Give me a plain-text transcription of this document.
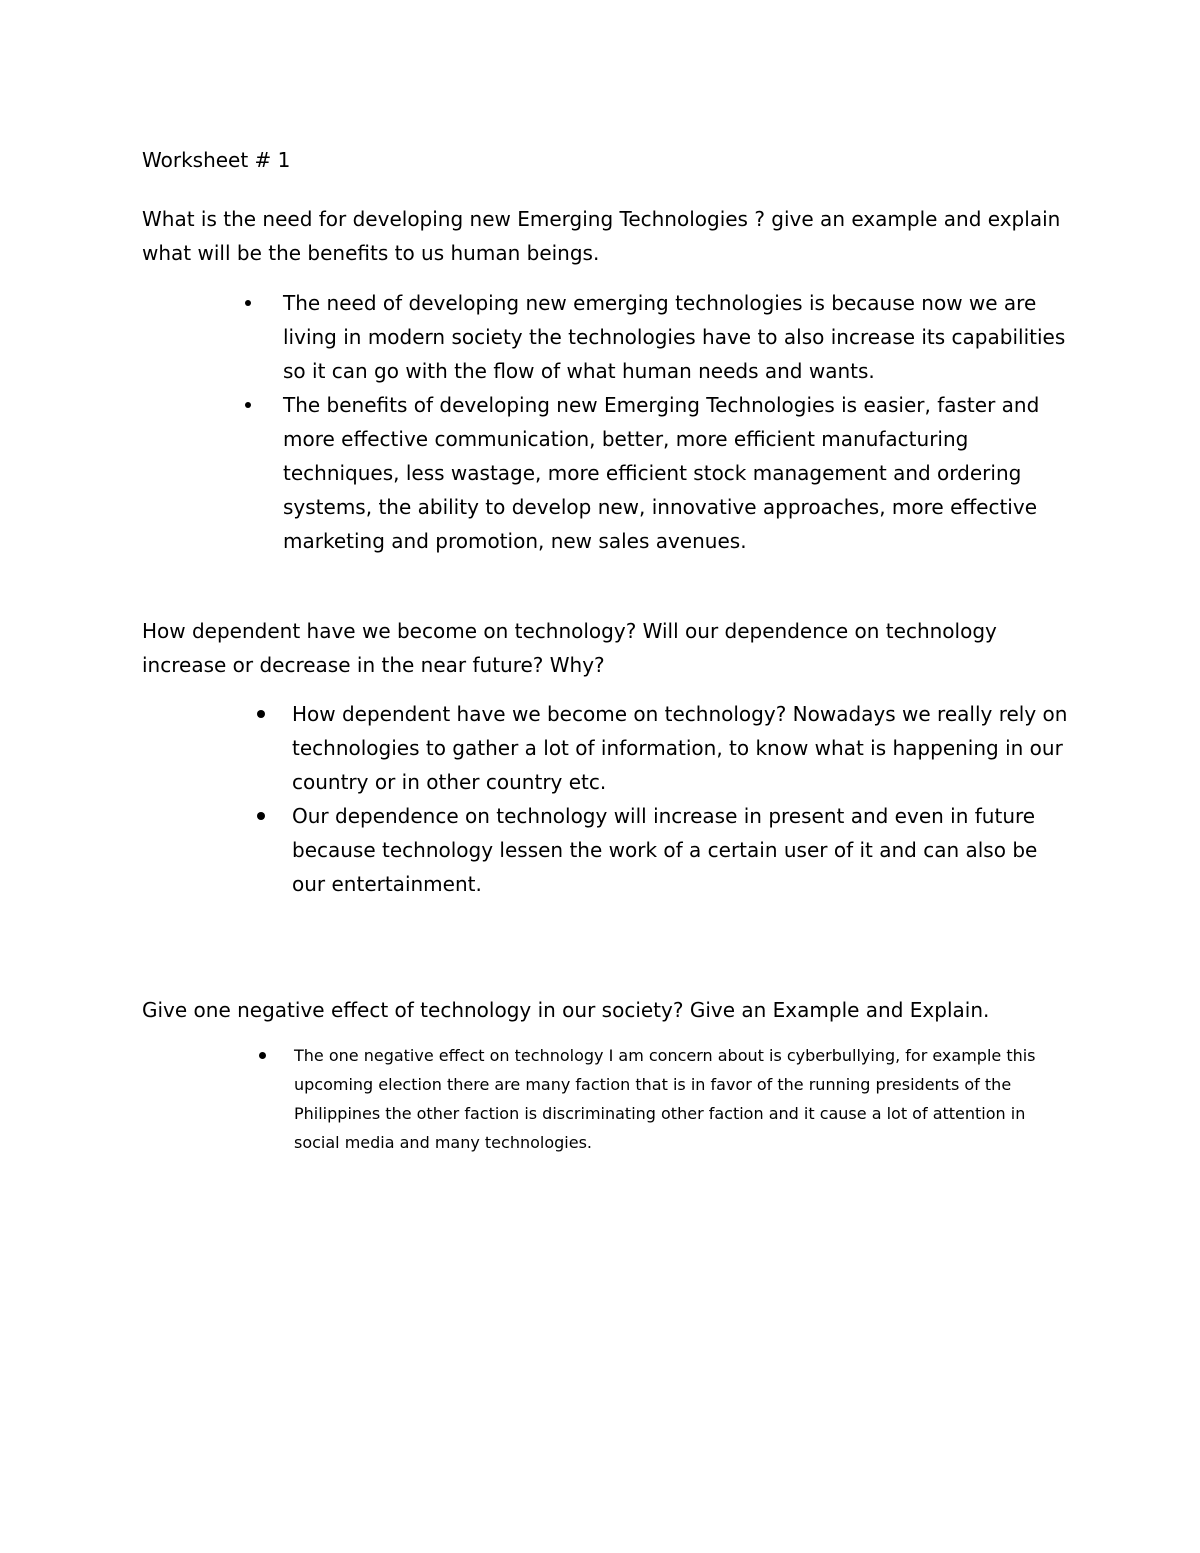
Worksheet # 1
What is the need for developing new Emerging Technologies ? give an example and explain what will be the benefits to us human beings.
The need of developing new emerging technologies is because now we are living in modern society the technologies have to also increase its capabilities so it can go with the flow of what human needs and wants.
The benefits of developing new Emerging Technologies is easier, faster and more effective communication, better, more efficient manufacturing techniques, less wastage, more efficient stock management and ordering systems, the ability to develop new, innovative approaches, more effective marketing and promotion, new sales avenues.
How dependent have we become on technology? Will our dependence on technology increase or decrease in the near future? Why?
How dependent have we become on technology? Nowadays we really rely on technologies to gather a lot of information, to know what is happening in our country or in other country etc.
Our dependence on technology will increase in present and even in future because technology lessen the work of a certain user of it and can also be our entertainment.
Give one negative effect of technology in our society? Give an Example and Explain.
The one negative effect on technology I am concern about is cyberbullying, for example this upcoming election there are many faction that is in favor of the running presidents of the Philippines the other faction is discriminating other faction and it cause a lot of attention in social media and many technologies.
